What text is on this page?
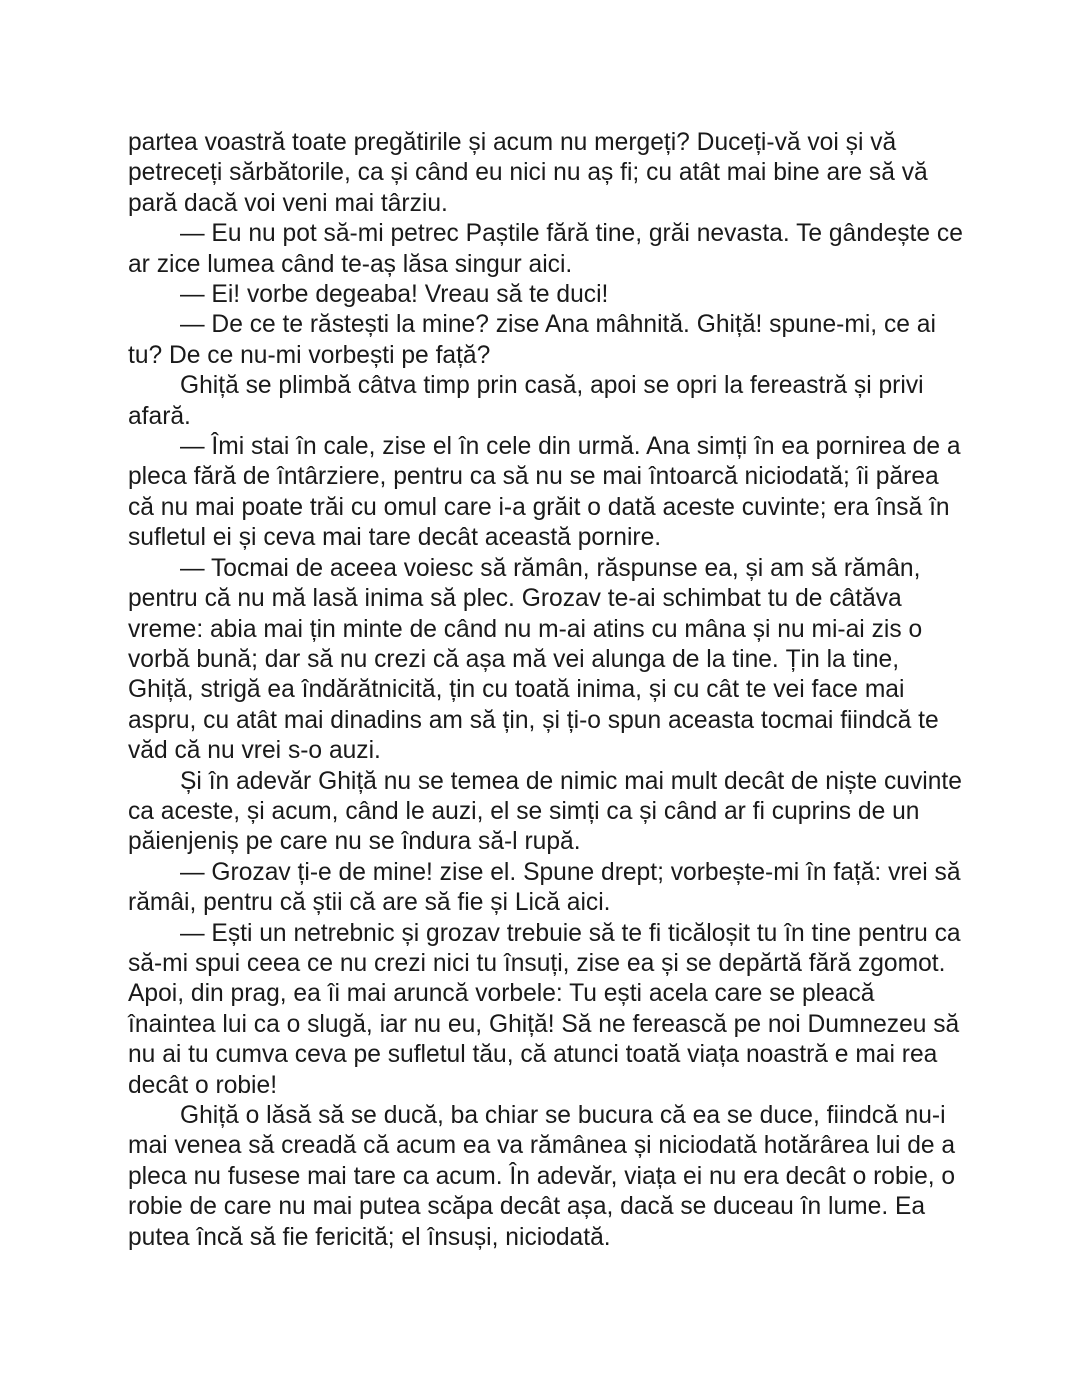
partea voastră toate pregătirile și acum nu mergeți? Duceți-vă voi și vă petreceți sărbătorile, ca și când eu nici nu aș fi; cu atât mai bine are să vă pară dacă voi veni mai târziu.

— Eu nu pot să-mi petrec Paștile fără tine, grăi nevasta. Te gândește ce ar zice lumea când te-aș lăsa singur aici.

— Ei! vorbe degeaba! Vreau să te duci!

— De ce te răstești la mine? zise Ana mâhnită. Ghiță! spune-mi, ce ai tu? De ce nu-mi vorbești pe față?

Ghiță se plimbă câtva timp prin casă, apoi se opri la fereastră și privi afară.

— Îmi stai în cale, zise el în cele din urmă. Ana simți în ea pornirea de a pleca fără de întârziere, pentru ca să nu se mai întoarcă niciodată; îi părea că nu mai poate trăi cu omul care i-a grăit o dată aceste cuvinte; era însă în sufletul ei și ceva mai tare decât această pornire.

— Tocmai de aceea voiesc să rămân, răspunse ea, și am să rămân, pentru că nu mă lasă inima să plec. Grozav te-ai schimbat tu de câtăva vreme: abia mai țin minte de când nu m-ai atins cu mâna și nu mi-ai zis o vorbă bună; dar să nu crezi că așa mă vei alunga de la tine. Țin la tine, Ghiță, strigă ea îndărătnicită, țin cu toată inima, și cu cât te vei face mai aspru, cu atât mai dinadins am să țin, și ți-o spun aceasta tocmai fiindcă te văd că nu vrei s-o auzi.

Și în adevăr Ghiță nu se temea de nimic mai mult decât de niște cuvinte ca aceste, și acum, când le auzi, el se simți ca și când ar fi cuprins de un păienjeniș pe care nu se îndura să-l rupă.

— Grozav ți-e de mine! zise el. Spune drept; vorbește-mi în față: vrei să rămâi, pentru că știi că are să fie și Lică aici.

— Ești un netrebnic și grozav trebuie să te fi ticăloșit tu în tine pentru ca să-mi spui ceea ce nu crezi nici tu însuți, zise ea și se depărtă fără zgomot. Apoi, din prag, ea îi mai aruncă vorbele: Tu ești acela care se pleacă înaintea lui ca o slugă, iar nu eu, Ghiță! Să ne ferească pe noi Dumnezeu să nu ai tu cumva ceva pe sufletul tău, că atunci toată viața noastră e mai rea decât o robie!

Ghiță o lăsă să se ducă, ba chiar se bucura că ea se duce, fiindcă nu-i mai venea să creadă că acum ea va rămânea și niciodată hotărârea lui de a pleca nu fusese mai tare ca acum. În adevăr, viața ei nu era decât o robie, o robie de care nu mai putea scăpa decât așa, dacă se duceau în lume. Ea putea încă să fie fericită; el însuși, niciodată.
